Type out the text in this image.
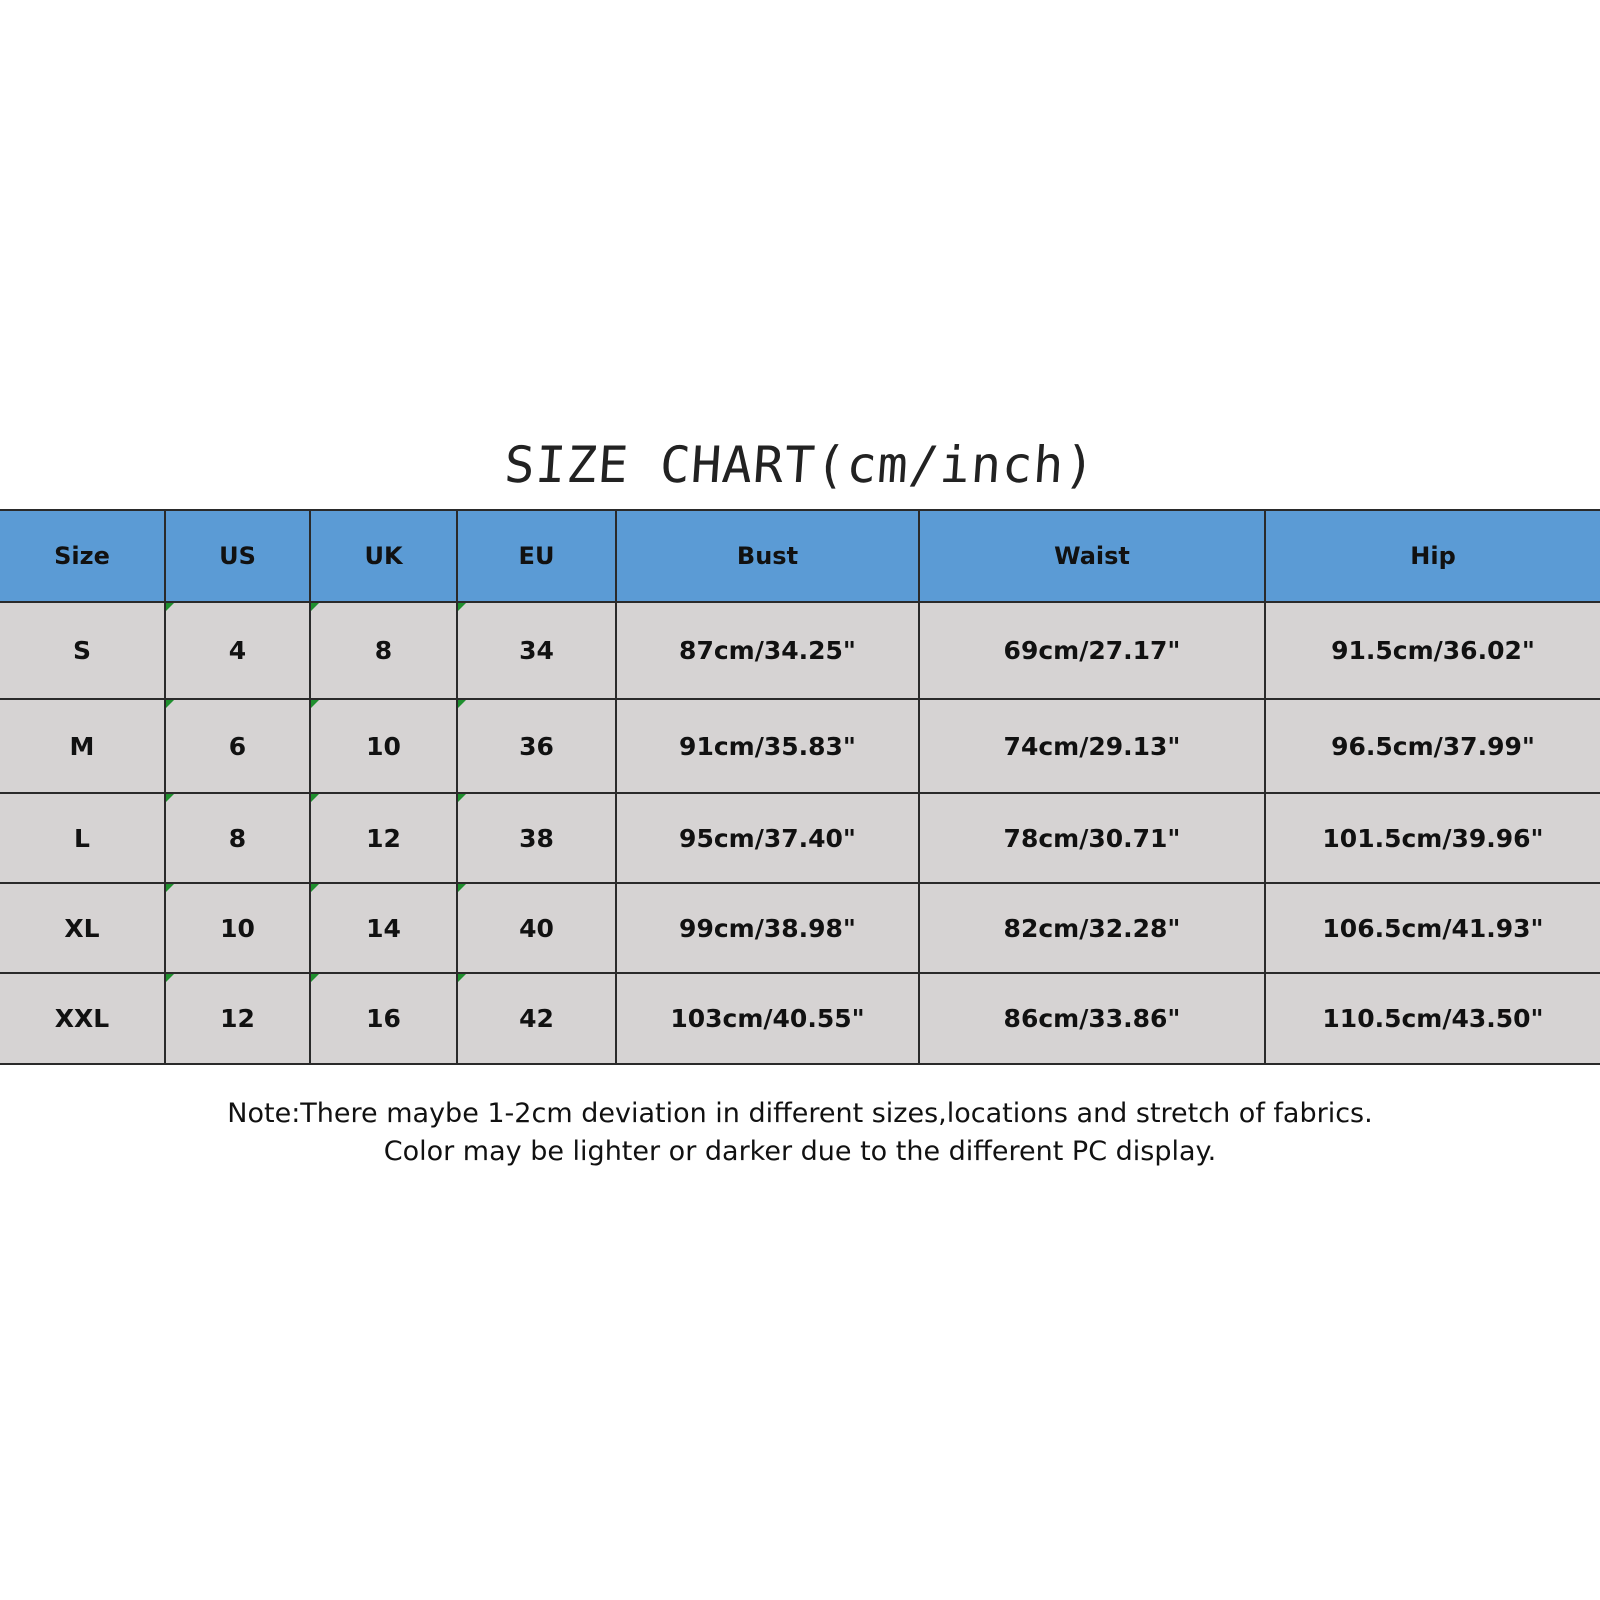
SIZE CHART(cm/inch)
Size	US	UK	EU	Bust	Waist	Hip
S	4	8	34	87cm/34.25"	69cm/27.17"	91.5cm/36.02"
M	6	10	36	91cm/35.83"	74cm/29.13"	96.5cm/37.99"
L	8	12	38	95cm/37.40"	78cm/30.71"	101.5cm/39.96"
XL	10	14	40	99cm/38.98"	82cm/32.28"	106.5cm/41.93"
XXL	12	16	42	103cm/40.55"	86cm/33.86"	110.5cm/43.50"
Note:There maybe 1-2cm deviation in different sizes,locations and stretch of fabrics.
Color may be lighter or darker due to the different PC display.
